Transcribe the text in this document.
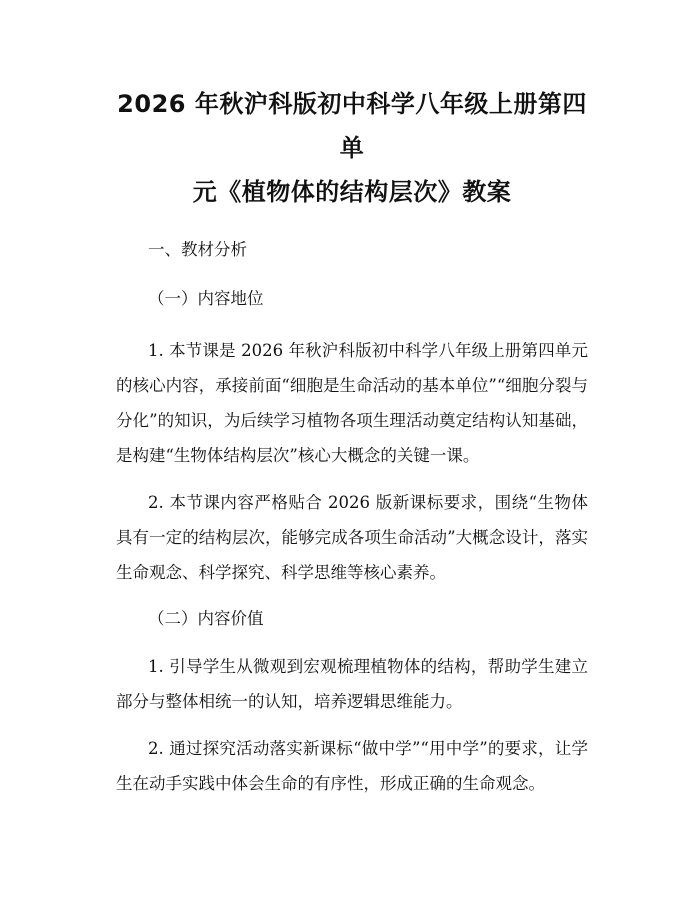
2026 年秋沪科版初中科学八年级上册第四单
元《植物体的结构层次》教案

一、教材分析

（一）内容地位

1. 本节课是 2026 年秋沪科版初中科学八年级上册第四单元的核心内容，承接前面“细胞是生命活动的基本单位”“细胞分裂与分化”的知识，为后续学习植物各项生理活动奠定结构认知基础，是构建“生物体结构层次”核心大概念的关键一课。

2. 本节课内容严格贴合 2026 版新课标要求，围绕“生物体具有一定的结构层次，能够完成各项生命活动”大概念设计，落实生命观念、科学探究、科学思维等核心素养。

（二）内容价值

1. 引导学生从微观到宏观梳理植物体的结构，帮助学生建立部分与整体相统一的认知，培养逻辑思维能力。

2. 通过探究活动落实新课标“做中学”“用中学”的要求，让学生在动手实践中体会生命的有序性，形成正确的生命观念。
